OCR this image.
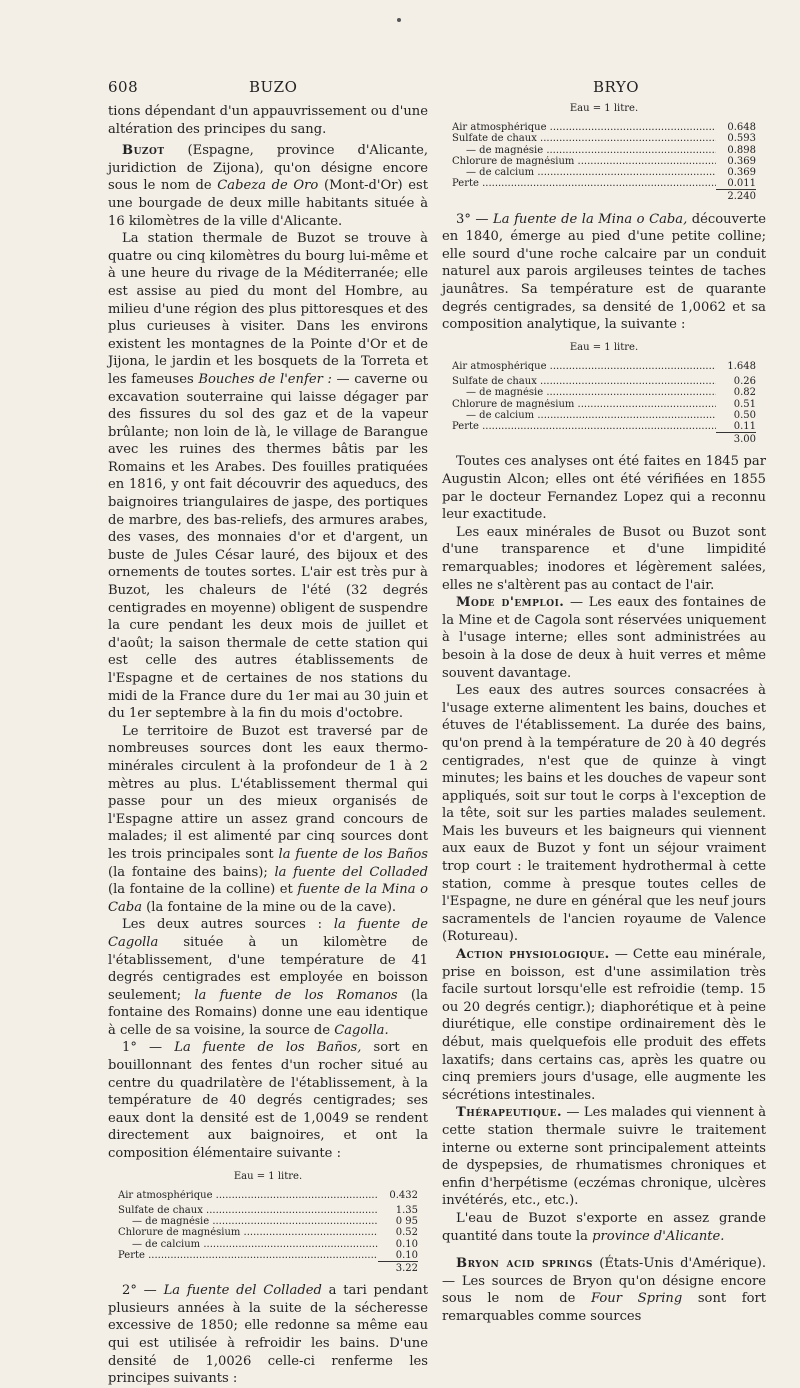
608	BUZO	BRYO

tions dépendant d'un appauvrissement ou d'une altération des principes du sang.

Buzot (Espagne, province d'Alicante, juridiction de Zijona), qu'on désigne encore sous le nom de Cabeza de Oro (Mont-d'Or) est une bourgade de deux mille habitants située à 16 kilomètres de la ville d'Alicante.

La station thermale de Buzot se trouve à quatre ou cinq kilomètres du bourg lui-même et à une heure du rivage de la Méditerranée; elle est assise au pied du mont del Hombre, au milieu d'une région des plus pittoresques et des plus curieuses à visiter. Dans les environs existent les montagnes de la Pointe d'Or et de Jijona, le jardin et les bosquets de la Torreta et les fameuses Bouches de l'enfer : — caverne ou excavation souterraine qui laisse dégager par des fissures du sol des gaz et de la vapeur brûlante; non loin de là, le village de Barangue avec les ruines des thermes bâtis par les Romains et les Arabes. Des fouilles pratiquées en 1816, y ont fait découvrir des aqueducs, des baignoires triangulaires de jaspe, des portiques de marbre, des bas-reliefs, des armures arabes, des vases, des monnaies d'or et d'argent, un buste de Jules César lauré, des bijoux et des ornements de toutes sortes. L'air est très pur à Buzot, les chaleurs de l'été (32 degrés centigrades en moyenne) obligent de suspendre la cure pendant les deux mois de juillet et d'août; la saison thermale de cette station qui est celle des autres établissements de l'Espagne et de certaines de nos stations du midi de la France dure du 1er mai au 30 juin et du 1er septembre à la fin du mois d'octobre.

Le territoire de Buzot est traversé par de nombreuses sources dont les eaux thermo-minérales circulent à la profondeur de 1 à 2 mètres au plus. L'établissement thermal qui passe pour un des mieux organisés de l'Espagne attire un assez grand concours de malades; il est alimenté par cinq sources dont les trois principales sont la fuente de los Baños (la fontaine des bains); la fuente del Colladed (la fontaine de la colline) et fuente de la Mina o Caba (la fontaine de la mine ou de la cave).

Les deux autres sources : la fuente de Cagolla située à un kilomètre de l'établissement, d'une température de 41 degrés centigrades est employée en boisson seulement; la fuente de los Romanos (la fontaine des Romains) donne une eau identique à celle de sa voisine, la source de Cagolla.

1° — La fuente de los Baños, sort en bouillonnant des fentes d'un rocher situé au centre du quadrilatère de l'établissement, à la température de 40 degrés centigrades; ses eaux dont la densité est de 1,0049 se rendent directement aux baignoires, et ont la composition élémentaire suivante :

Eau = 1 litre.
Air atmosphérique .....	0.432
Sulfate de chaux .....	1.35
— de magnésie .....	0 95
Chlorure de magnésium .....	0.52
— de calcium .....	0.10
Perte .....	0.10
3.22

2° — La fuente del Colladed a tari pendant plusieurs années à la suite de la sécheresse excessive de 1850; elle redonne sa même eau qui est utilisée à refroidir les bains. D'une densité de 1,0026 celle-ci renferme les principes suivants :

Eau = 1 litre.
Air atmosphérique .....	0.648
Sulfate de chaux .....	0.593
— de magnésie .....	0.898
Chlorure de magnésium .....	0.369
— de calcium .....	0.369
Perte .....	0.011
2.240

3° — La fuente de la Mina o Caba, découverte en 1840, émerge au pied d'une petite colline; elle sourd d'une roche calcaire par un conduit naturel aux parois argileuses teintes de taches jaunâtres. Sa température est de quarante degrés centigrades, sa densité de 1,0062 et sa composition analytique, la suivante :

Eau = 1 litre.
Air atmosphérique .....	1.648
Sulfate de chaux .....	0.26
— de magnésie .....	0.82
Chlorure de magnésium .....	0.51
— de calcium .....	0.50
Perte .....	0.11
3.00

Toutes ces analyses ont été faites en 1845 par Augustin Alcon; elles ont été vérifiées en 1855 par le docteur Fernandez Lopez qui a reconnu leur exactitude.

Les eaux minérales de Busot ou Buzot sont d'une transparence et d'une limpidité remarquables; inodores et légèrement salées, elles ne s'altèrent pas au contact de l'air.

Mode d'emploi. — Les eaux des fontaines de la Mine et de Cagola sont réservées uniquement à l'usage interne; elles sont administrées au besoin à la dose de deux à huit verres et même souvent davantage.

Les eaux des autres sources consacrées à l'usage externe alimentent les bains, douches et étuves de l'établissement. La durée des bains, qu'on prend à la température de 20 à 40 degrés centigrades, n'est que de quinze à vingt minutes; les bains et les douches de vapeur sont appliqués, soit sur tout le corps à l'exception de la tête, soit sur les parties malades seulement. Mais les buveurs et les baigneurs qui viennent aux eaux de Buzot y font un séjour vraiment trop court : le traitement hydrothermal à cette station, comme à presque toutes celles de l'Espagne, ne dure en général que les neuf jours sacramentels de l'ancien royaume de Valence (Rotureau).

Action physiologique. — Cette eau minérale, prise en boisson, est d'une assimilation très facile surtout lorsqu'elle est refroidie (temp. 15 ou 20 degrés centigr.); diaphorétique et à peine diurétique, elle constipe ordinairement dès le début, mais quelquefois elle produit des effets laxatifs; dans certains cas, après les quatre ou cinq premiers jours d'usage, elle augmente les sécrétions intestinales.

Thérapeutique. — Les malades qui viennent à cette station thermale suivre le traitement interne ou externe sont principalement atteints de dyspepsies, de rhumatismes chroniques et enfin d'herpétisme (eczémas chronique, ulcères invétérés, etc., etc.).

L'eau de Buzot s'exporte en assez grande quantité dans toute la province d'Alicante.

Bryon acid springs (États-Unis d'Amérique). — Les sources de Bryon qu'on désigne encore sous le nom de Four Spring sont fort remarquables comme sources
